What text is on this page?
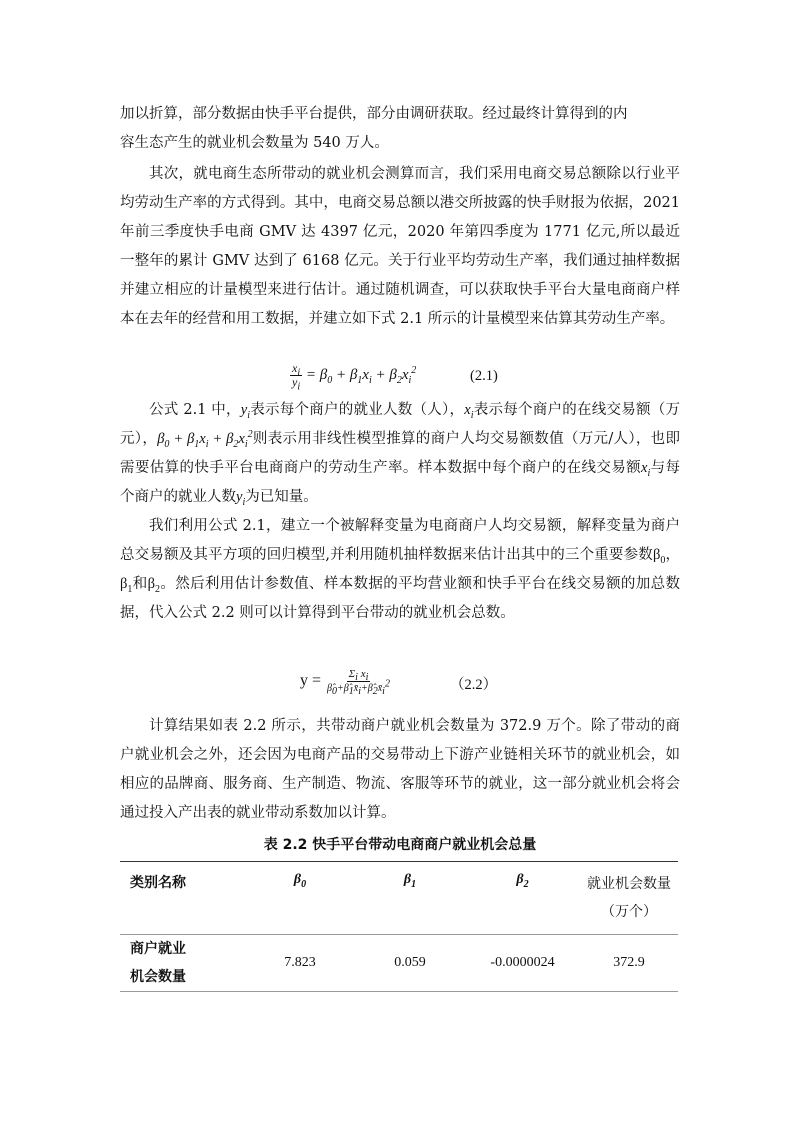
加以折算，部分数据由快手平台提供，部分由调研获取。经过最终计算得到的内
容生态产生的就业机会数量为 540 万人。

其次，就电商生态所带动的就业机会测算而言，我们采用电商交易总额除以行业平均劳动生产率的方式得到。其中，电商交易总额以港交所披露的快手财报为依据，2021 年前三季度快手电商 GMV 达 4397 亿元，2020 年第四季度为 1771 亿元,所以最近一整年的累计 GMV 达到了 6168 亿元。关于行业平均劳动生产率，我们通过抽样数据并建立相应的计量模型来进行估计。通过随机调查，可以获取快手平台大量电商商户样本在去年的经营和用工数据，并建立如下式 2.1 所示的计量模型来估算其劳动生产率。

$\frac{x_i}{y_i} = \beta_0 + \beta_1x_i + \beta_2x_i^2$	(2.1)

公式 2.1 中，$y_i$表示每个商户的就业人数（人），$x_i$表示每个商户的在线交易额（万元），$\beta_0 + \beta_1x_i + \beta_2x_i^2$则表示用非线性模型推算的商户人均交易额数值（万元/人），也即需要估算的快手平台电商商户的劳动生产率。样本数据中每个商户的在线交易额$x_i$与每个商户的就业人数$y_i$为已知量。

我们利用公式 2.1，建立一个被解释变量为电商商户人均交易额，解释变量为商户总交易额及其平方项的回归模型,并利用随机抽样数据来估计出其中的三个重要参数$\beta_0$，$\beta_1$和$\beta_2$。然后利用估计参数值、样本数据的平均营业额和快手平台在线交易额的加总数据，代入公式 2.2 则可以计算得到平台带动的就业机会总数。

$y = \frac{\Sigma_i x_i}{\betâ_0+\betâ_1x̄_i+\betâ_2x̄_i^2}$	（2.2）

计算结果如表 2.2 所示，共带动商户就业机会数量为 372.9 万个。除了带动的商户就业机会之外，还会因为电商产品的交易带动上下游产业链相关环节的就业机会，如相应的品牌商、服务商、生产制造、物流、客服等环节的就业，这一部分就业机会将会通过投入产出表的就业带动系数加以计算。

表 2.2 快手平台带动电商商户就业机会总量
类别名称	$\beta_0$	$\beta_1$	$\beta_2$	就业机会数量
（万个）
商户就业
机会数量	7.823	0.059	-0.0000024	372.9
